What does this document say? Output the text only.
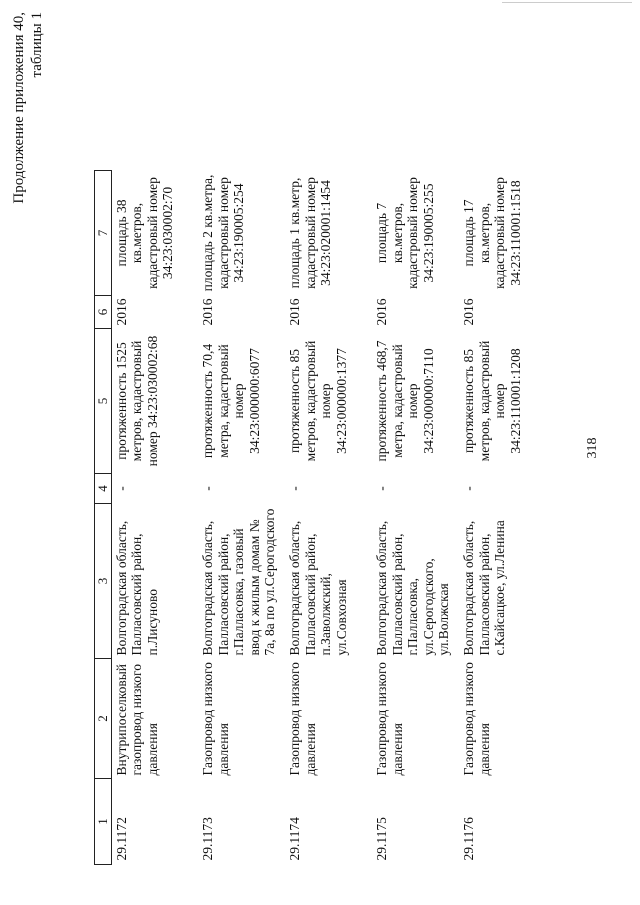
318
Продолжение приложения 40, таблицы 1
1	2	3	4	5	6	7
29.1172	Внутрипоселковый газопровод низкого давления	Волгоградская область, Палласовский район, п.Лисуново	-	протяженность 1525 метров, кадастровый номер 34:23:030002:68	2016	площадь 38 кв.метров, кадастровый номер 34:23:030002:70
29.1173	Газопровод низкого давления	Волгоградская область, Палласовский район, г.Палласовка, газовый ввод к жилым домам № 7а, 8а по ул.Серогодского	-	протяженность 70,4 метра, кадастровый номер 34:23:000000:6077	2016	площадь 2 кв.метра, кадастровый номер 34:23:190005:254
29.1174	Газопровод низкого давления	Волгоградская область, Палласовский район, п.Заволжский, ул.Совхозная	-	протяженность 85 метров, кадастровый номер 34:23:000000:1377	2016	площадь 1 кв.метр, кадастровый номер 34:23:020001:1454
29.1175	Газопровод низкого давления	Волгоградская область, Палласовский район, г.Палласовка, ул.Серогодского, ул.Волжская	-	протяженность 468,7 метра, кадастровый номер 34:23:000000:7110	2016	площадь 7 кв.метров, кадастровый номер 34:23:190005:255
29.1176	Газопровод низкого давления	Волгоградская область, Палласовский район, с.Кайсацкое, ул.Ленина	-	протяженность 85 метров, кадастровый номер 34:23:110001:1208	2016	площадь 17 кв.метров, кадастровый номер 34:23:110001:1518
